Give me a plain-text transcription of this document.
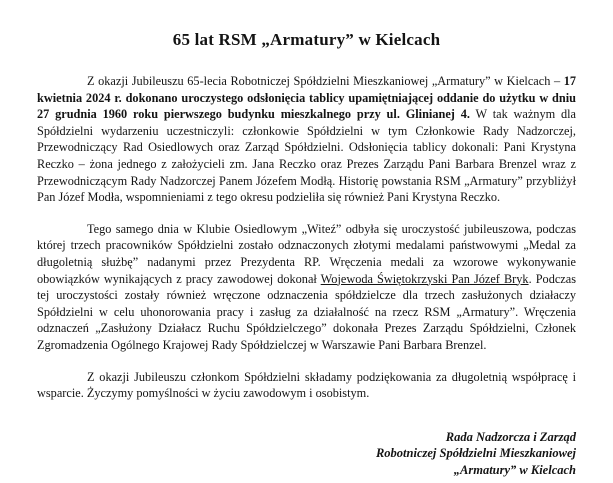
65 lat RSM „Armatury” w Kielcach

Z okazji Jubileuszu 65-lecia Robotniczej Spółdzielni Mieszkaniowej „Armatury” w Kielcach – 17 kwietnia 2024 r. dokonano uroczystego odsłonięcia tablicy upamiętniającej oddanie do użytku w dniu 27 grudnia 1960 roku pierwszego budynku mieszkalnego przy ul. Glinianej 4. W tak ważnym dla Spółdzielni wydarzeniu uczestniczyli: członkowie Spółdzielni w tym Członkowie Rady Nadzorczej, Przewodniczący Rad Osiedlowych oraz Zarząd Spółdzielni. Odsłonięcia tablicy dokonali: Pani Krystyna Reczko – żona jednego z założycieli zm. Jana Reczko oraz Prezes Zarządu Pani Barbara Brenzel wraz z Przewodniczącym Rady Nadzorczej Panem Józefem Modłą. Historię powstania RSM „Armatury” przybliżył Pan Józef Modła, wspomnieniami z tego okresu podzieliła się również Pani Krystyna Reczko.

Tego samego dnia w Klubie Osiedlowym „Witeź” odbyła się uroczystość jubileuszowa, podczas której trzech pracowników Spółdzielni zostało odznaczonych złotymi medalami państwowymi „Medal za długoletnią służbę” nadanymi przez Prezydenta RP. Wręczenia medali za wzorowe wykonywanie obowiązków wynikających z pracy zawodowej dokonał Wojewoda Świętokrzyski Pan Józef Bryk. Podczas tej uroczystości zostały również wręczone odznaczenia spółdzielcze dla trzech zasłużonych działaczy Spółdzielni w celu uhonorowania pracy i zasług za działalność na rzecz RSM „Armatury”. Wręczenia odznaczeń „Zasłużony Działacz Ruchu Spółdzielczego” dokonała Prezes Zarządu Spółdzielni, Członek Zgromadzenia Ogólnego Krajowej Rady Spółdzielczej w Warszawie Pani Barbara Brenzel.

Z okazji Jubileuszu członkom Spółdzielni składamy podziękowania za długoletnią współpracę i wsparcie. Życzymy pomyślności w życiu zawodowym i osobistym.

Rada Nadzorcza i Zarząd
Robotniczej Spółdzielni Mieszkaniowej
„Armatury” w Kielcach
